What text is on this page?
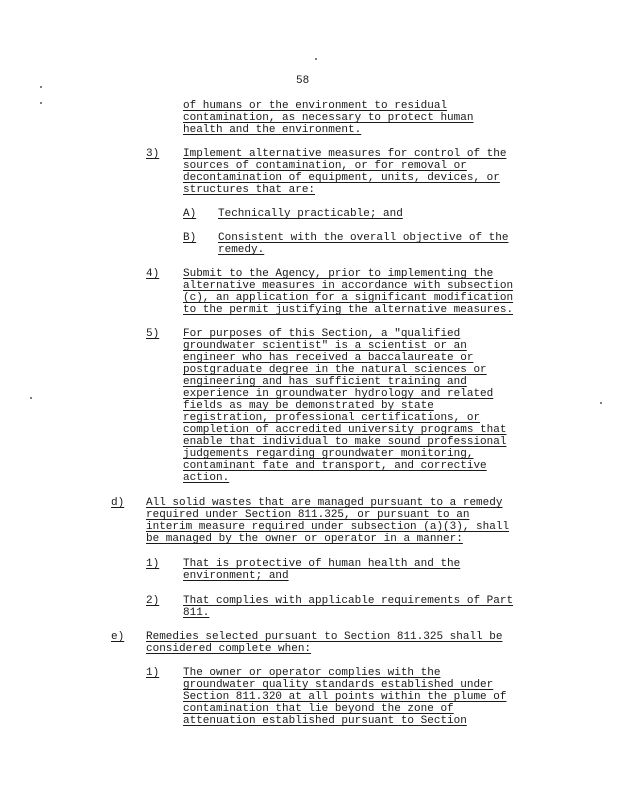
58
of humans or the environment to residual
contamination, as necessary to protect human
health and the environment.
3) Implement alternative measures for control of the
sources of contamination, or for removal or
decontamination of equipment, units, devices, or
structures that are:
A) Technically practicable; and
B) Consistent with the overall objective of the
remedy.
4) Submit to the Agency, prior to implementing the
alternative measures in accordance with subsection
(c), an application for a significant modification
to the permit justifying the alternative measures.
5) For purposes of this Section, a "qualified
groundwater scientist" is a scientist or an
engineer who has received a baccalaureate or
postgraduate degree in the natural sciences or
engineering and has sufficient training and
experience in groundwater hydrology and related
fields as may be demonstrated by state
registration, professional certifications, or
completion of accredited university programs that
enable that individual to make sound professional
judgements regarding groundwater monitoring,
contaminant fate and transport, and corrective
action.
d) All solid wastes that are managed pursuant to a remedy
required under Section 811.325, or pursuant to an
interim measure required under subsection (a)(3), shall
be managed by the owner or operator in a manner:
1) That is protective of human health and the
environment; and
2) That complies with applicable requirements of Part
811.
e) Remedies selected pursuant to Section 811.325 shall be
considered complete when:
1) The owner or operator complies with the
groundwater quality standards established under
Section 811.320 at all points within the plume of
contamination that lie beyond the zone of
attenuation established pursuant to Section
